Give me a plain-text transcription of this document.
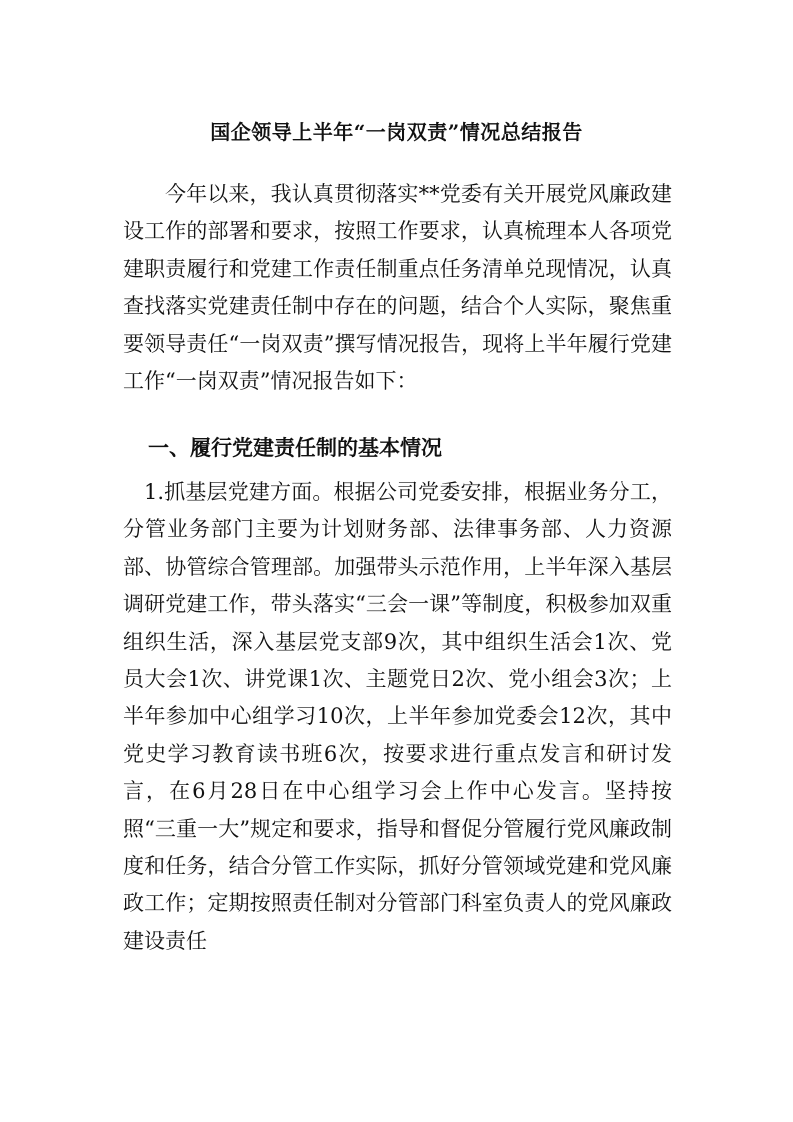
国企领导上半年“一岗双责”情况总结报告

今年以来，我认真贯彻落实**党委有关开展党风廉政建设工作的部署和要求，按照工作要求，认真梳理本人各项党建职责履行和党建工作责任制重点任务清单兑现情况，认真查找落实党建责任制中存在的问题，结合个人实际，聚焦重要领导责任“一岗双责”撰写情况报告，现将上半年履行党建工作“一岗双责”情况报告如下：

一、履行党建责任制的基本情况

1.抓基层党建方面。根据公司党委安排，根据业务分工，分管业务部门主要为计划财务部、法律事务部、人力资源部、协管综合管理部。加强带头示范作用，上半年深入基层调研党建工作，带头落实“三会一课”等制度，积极参加双重组织生活，深入基层党支部9次，其中组织生活会1次、党员大会1次、讲党课1次、主题党日2次、党小组会3次；上半年参加中心组学习10次，上半年参加党委会12次，其中党史学习教育读书班6次，按要求进行重点发言和研讨发言，在6月28日在中心组学习会上作中心发言。坚持按照“三重一大”规定和要求，指导和督促分管履行党风廉政制度和任务，结合分管工作实际，抓好分管领域党建和党风廉政工作；定期按照责任制对分管部门科室负责人的党风廉政建设责任
